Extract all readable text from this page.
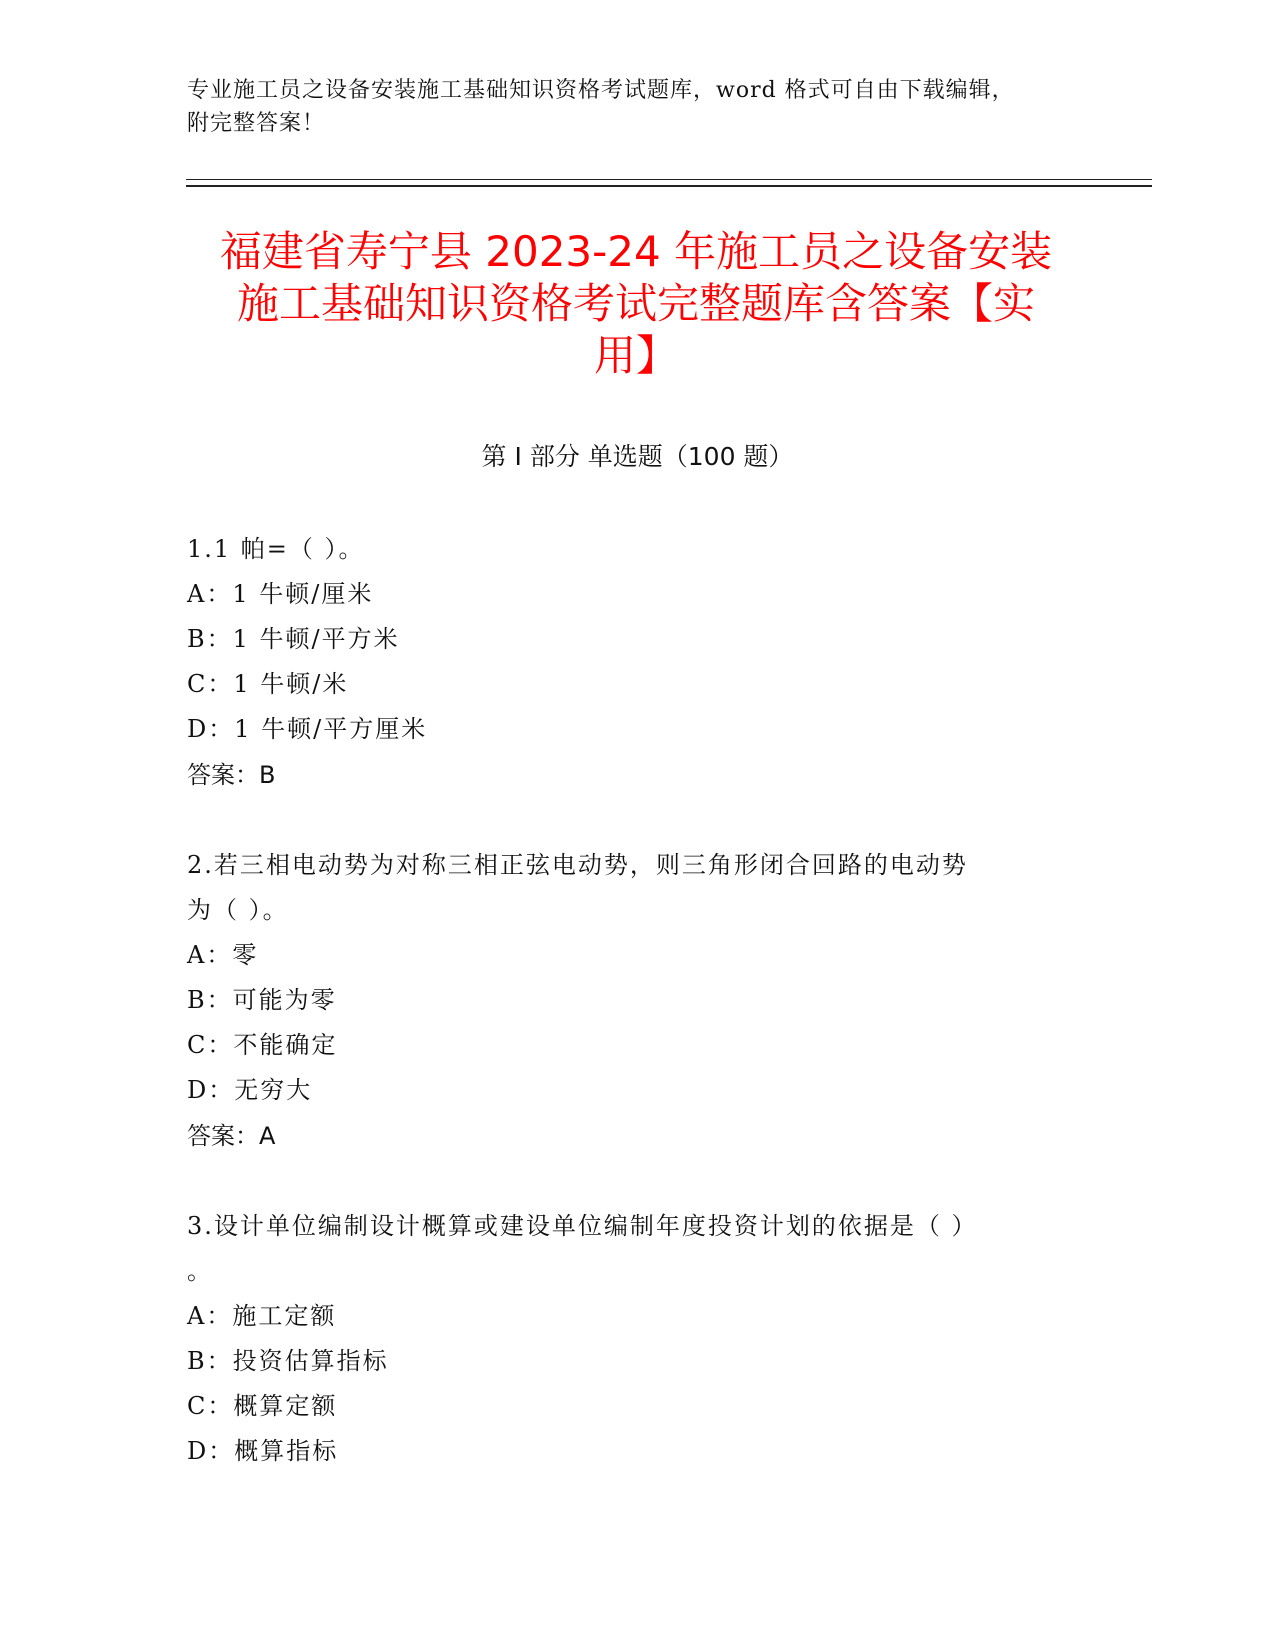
专业施工员之设备安装施工基础知识资格考试题库，word 格式可自由下载编辑，
附完整答案！
福建省寿宁县 2023-24 年施工员之设备安装
施工基础知识资格考试完整题库含答案【实
用】
第 I 部分 单选题（100 题）
1.1 帕=（ ）。
A：1 牛顿/厘米
B：1 牛顿/平方米
C：1 牛顿/米
D：1 牛顿/平方厘米
答案：B
2.若三相电动势为对称三相正弦电动势，则三角形闭合回路的电动势
为（ ）。
A：零
B：可能为零
C：不能确定
D：无穷大
答案：A
3.设计单位编制设计概算或建设单位编制年度投资计划的依据是（ ）
。
A：施工定额
B：投资估算指标
C：概算定额
D：概算指标
